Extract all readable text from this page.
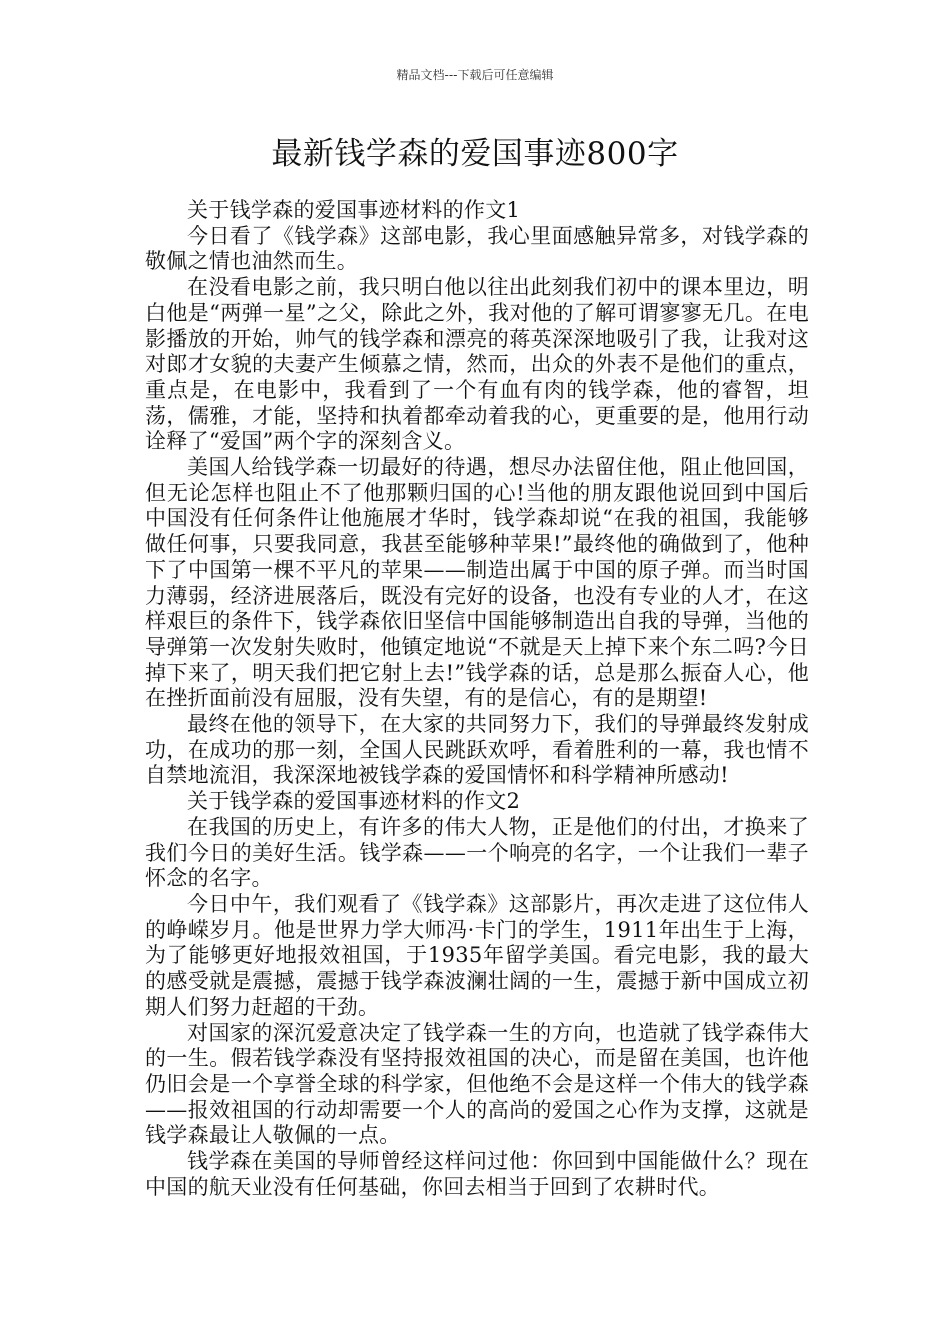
精品文档---下载后可任意编辑
最新钱学森的爱国事迹800字

关于钱学森的爱国事迹材料的作文1

今日看了《钱学森》这部电影，我心里面感触异常多，对钱学森的敬佩之情也油然而生。

在没看电影之前，我只明白他以往出此刻我们初中的课本里边，明白他是“两弹一星”之父，除此之外，我对他的了解可谓寥寥无几。在电影播放的开始，帅气的钱学森和漂亮的蒋英深深地吸引了我，让我对这对郎才女貌的夫妻产生倾慕之情，然而，出众的外表不是他们的重点，重点是，在电影中，我看到了一个有血有肉的钱学森，他的睿智，坦荡，儒雅，才能，坚持和执着都牵动着我的心，更重要的是，他用行动诠释了“爱国”两个字的深刻含义。

美国人给钱学森一切最好的待遇，想尽办法留住他，阻止他回国，但无论怎样也阻止不了他那颗归国的心!当他的朋友跟他说回到中国后中国没有任何条件让他施展才华时，钱学森却说“在我的祖国，我能够做任何事，只要我同意，我甚至能够种苹果!”最终他的确做到了，他种下了中国第一棵不平凡的苹果——制造出属于中国的原子弹。而当时国力薄弱，经济进展落后，既没有完好的设备，也没有专业的人才，在这样艰巨的条件下，钱学森依旧坚信中国能够制造出自我的导弹，当他的导弹第一次发射失败时，他镇定地说“不就是天上掉下来个东二吗?今日掉下来了，明天我们把它射上去!”钱学森的话，总是那么振奋人心，他在挫折面前没有屈服，没有失望，有的是信心，有的是期望!

最终在他的领导下，在大家的共同努力下，我们的导弹最终发射成功，在成功的那一刻，全国人民跳跃欢呼，看着胜利的一幕，我也情不自禁地流泪，我深深地被钱学森的爱国情怀和科学精神所感动!

关于钱学森的爱国事迹材料的作文2

在我国的历史上，有许多的伟大人物，正是他们的付出，才换来了我们今日的美好生活。钱学森——一个响亮的名字，一个让我们一辈子怀念的名字。

今日中午，我们观看了《钱学森》这部影片，再次走进了这位伟人的峥嵘岁月。他是世界力学大师冯·卡门的学生，1911年出生于上海，为了能够更好地报效祖国，于1935年留学美国。看完电影，我的最大的感受就是震撼，震撼于钱学森波澜壮阔的一生，震撼于新中国成立初期人们努力赶超的干劲。

对国家的深沉爱意决定了钱学森一生的方向，也造就了钱学森伟大的一生。假若钱学森没有坚持报效祖国的决心，而是留在美国，也许他仍旧会是一个享誉全球的科学家，但他绝不会是这样一个伟大的钱学森——报效祖国的行动却需要一个人的高尚的爱国之心作为支撑，这就是钱学森最让人敬佩的一点。

钱学森在美国的导师曾经这样问过他：你回到中国能做什么？现在中国的航天业没有任何基础，你回去相当于回到了农耕时代。
